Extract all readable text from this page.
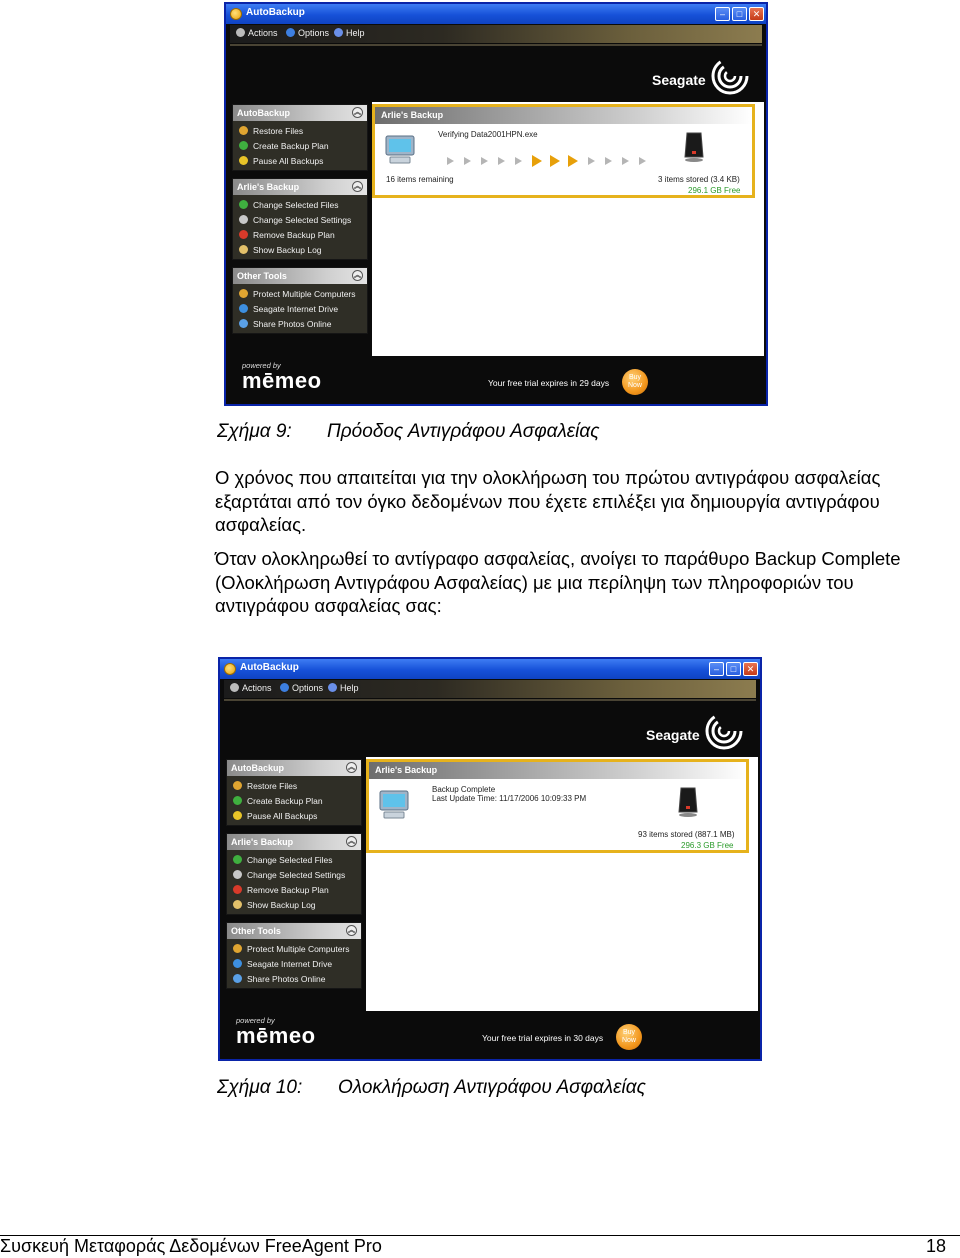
AutoBackup	–	□	✕
Actions	Options	Help
Seagate
AutoBackup	︽
Restore Files
Create Backup Plan
Pause All Backups
Arlie's Backup	︽
Change Selected Files
Change Selected Settings
Remove Backup Plan
Show Backup Log
Other Tools	︽
Protect Multiple Computers
Seagate Internet Drive
Share Photos Online
Arlie's Backup
Verifying Data2001HPN.exe
16 items remaining	3 items stored (3.4 KB)
296.1 GB Free
powered by
mēmeo	Your free trial expires in 29 days
Buy Now
Σχήμα 9: Πρόοδος Αντιγράφου Ασφαλείας

Ο χρόνος που απαιτείται για την ολοκλήρωση του πρώτου αντιγράφου ασφαλείας εξαρτάται από τον όγκο δεδομένων που έχετε επιλέξει για δημιουργία αντιγράφου ασφαλείας.

Όταν ολοκληρωθεί το αντίγραφο ασφαλείας, ανοίγει το παράθυρο Backup Complete (Ολοκλήρωση Αντιγράφου Ασφαλείας) με μια περίληψη των πληροφοριών του αντιγράφου ασφαλείας σας:

AutoBackup	–	□	✕
Actions	Options	Help
Seagate
AutoBackup	︽
Restore Files
Create Backup Plan
Pause All Backups
Arlie's Backup	︽
Change Selected Files
Change Selected Settings
Remove Backup Plan
Show Backup Log
Other Tools	︽
Protect Multiple Computers
Seagate Internet Drive
Share Photos Online
Arlie's Backup
Backup Complete
Last Update Time: 11/17/2006 10:09:33 PM
93 items stored (887.1 MB)
296.3 GB Free
powered by
mēmeo	Your free trial expires in 30 days
Buy Now
Σχήμα 10: Ολοκλήρωση Αντιγράφου Ασφαλείας
Συσκευή Μεταφοράς Δεδομένων FreeAgent Pro	18
